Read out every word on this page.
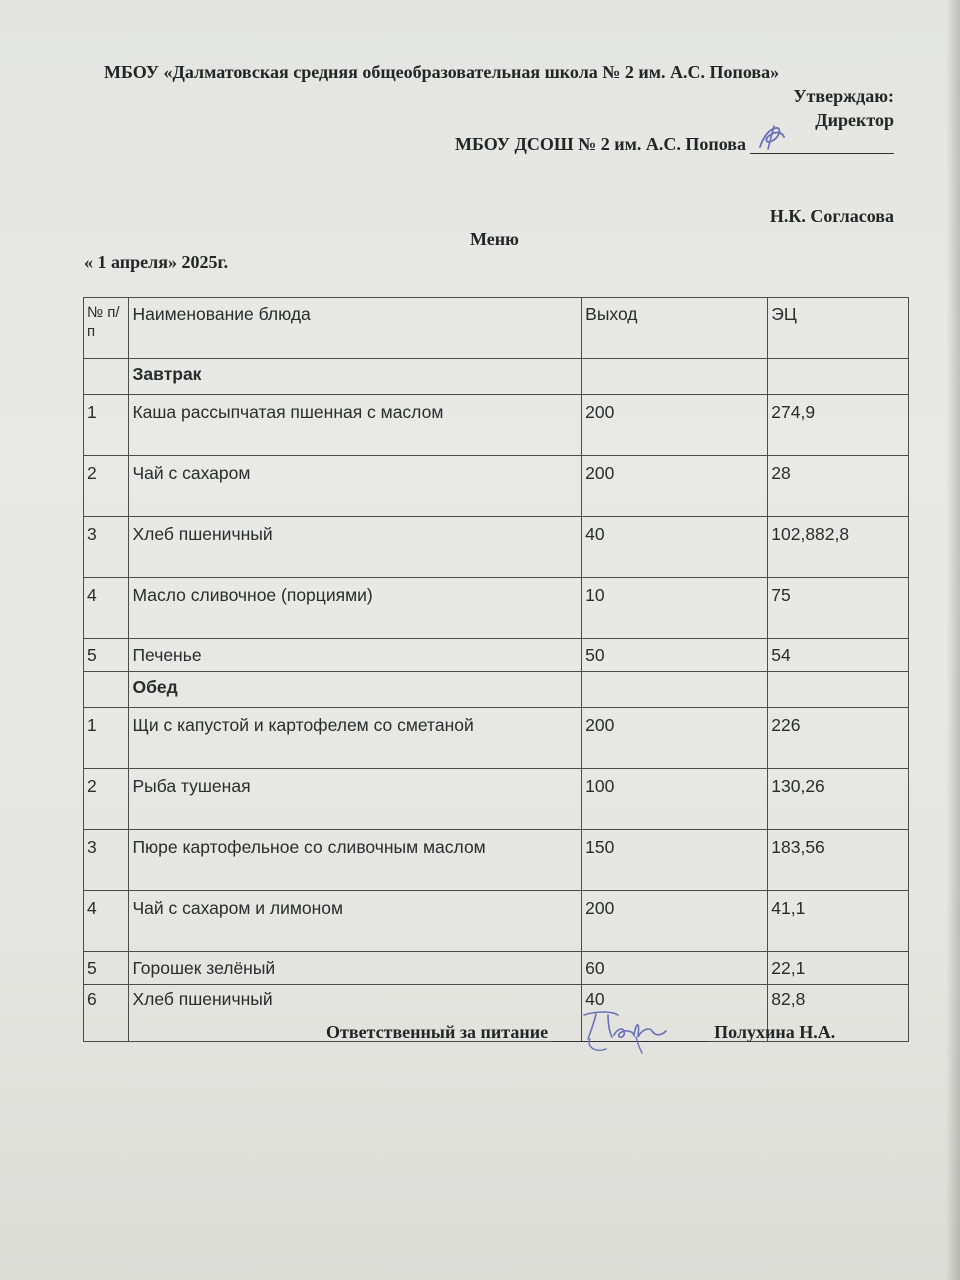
МБОУ «Далматовская средняя общеобразовательная школа № 2 им. А.С. Попова»
Утверждаю:
Директор
МБОУ ДСОШ № 2 им. А.С. Попова
Н.К. Согласова
Меню
« 1 апреля» 2025г.
№ п/п	Наименование блюда	Выход	ЭЦ
	Завтрак		
1	Каша рассыпчатая пшенная с маслом	200	274,9
2	Чай с сахаром	200	28
3	Хлеб пшеничный	40	102,882,8
4	Масло сливочное (порциями)	10	75
5	Печенье	50	54
	Обед		
1	Щи с капустой и картофелем со сметаной	200	226
2	Рыба тушеная	100	130,26
3	Пюре картофельное со сливочным маслом	150	183,56
4	Чай с сахаром и лимоном	200	41,1
5	Горошек зелёный	60	22,1
6	Хлеб пшеничный	40	82,8
Ответственный за питание	Полухина Н.А.
